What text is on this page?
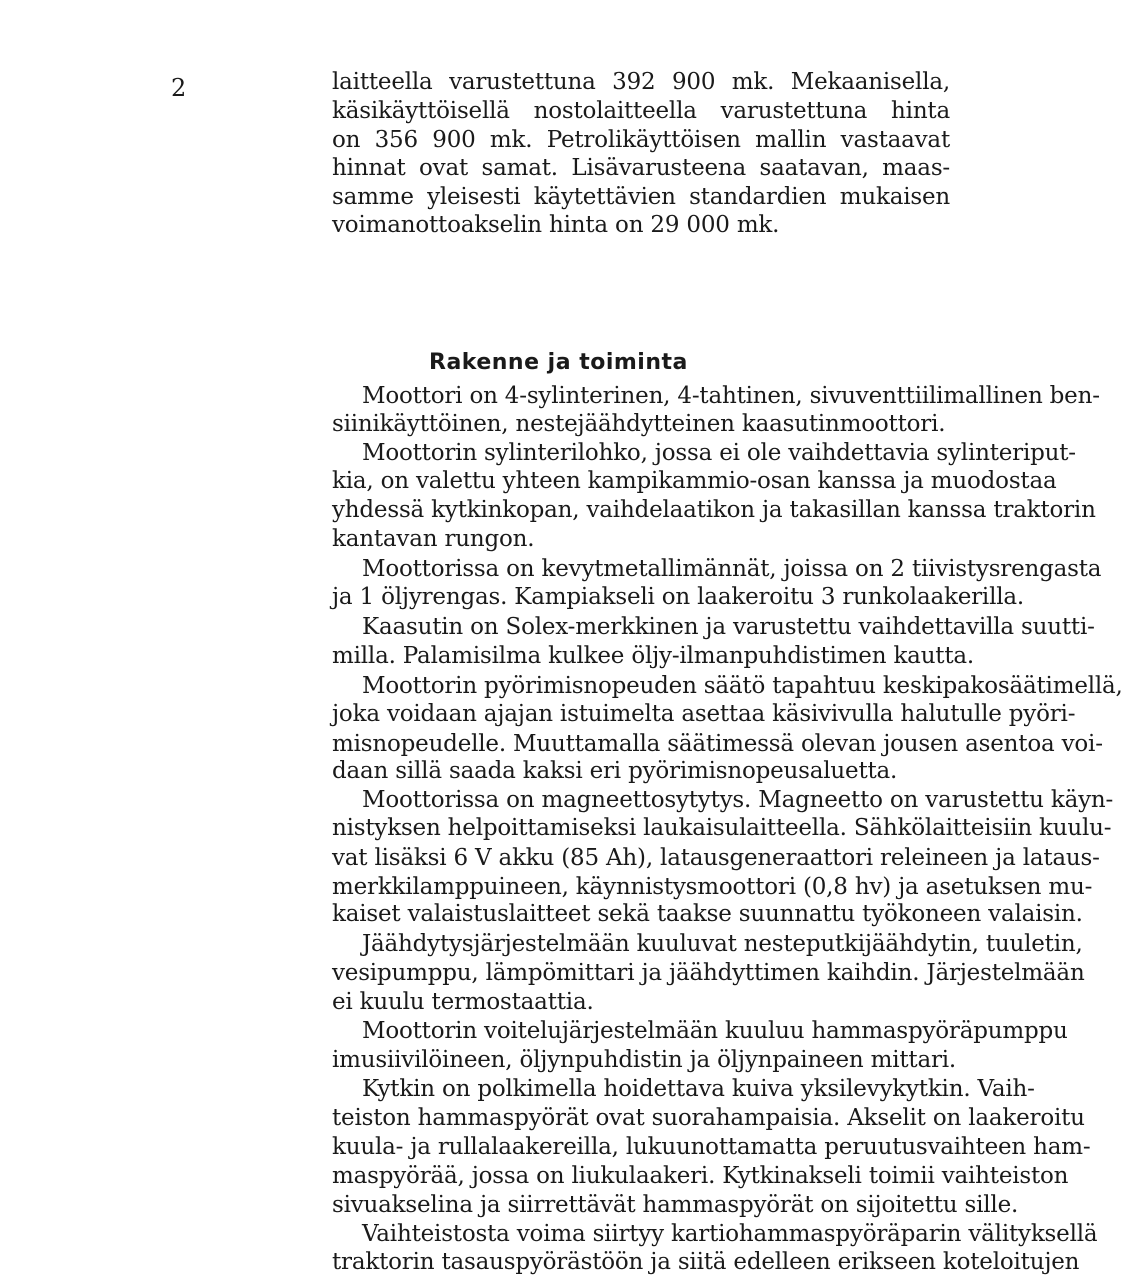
2
Rakenne ja toiminta
laitteella varustettuna 392 900 mk. Mekaanisella,
käsikäyttöisellä nostolaitteella varustettuna hinta
on 356 900 mk. Petrolikäyttöisen mallin vastaavat
hinnat ovat samat. Lisävarusteena saatavan, maas-
samme yleisesti käytettävien standardien mukaisen
voimanottoakselin hinta on 29 000 mk.
Moottori on 4-sylinterinen, 4-tahtinen, sivuventtiilimallinen ben-
siinikäyttöinen, nestejäähdytteinen kaasutinmoottori.
Moottorin sylinterilohko, jossa ei ole vaihdettavia sylinteriput-
kia, on valettu yhteen kampikammio-osan kanssa ja muodostaa
yhdessä kytkinkopan, vaihdelaatikon ja takasillan kanssa traktorin
kantavan rungon.
Moottorissa on kevytmetallimännät, joissa on 2 tiivistysrengasta
ja 1 öljyrengas. Kampiakseli on laakeroitu 3 runkolaakerilla.
Kaasutin on Solex-merkkinen ja varustettu vaihdettavilla suutti-
milla. Palamisilma kulkee öljy-ilmanpuhdistimen kautta.
Moottorin pyörimisnopeuden säätö tapahtuu keskipakosäätimellä,
joka voidaan ajajan istuimelta asettaa käsivivulla halutulle pyöri-
misnopeudelle. Muuttamalla säätimessä olevan jousen asentoa voi-
daan sillä saada kaksi eri pyörimisnopeusaluetta.
Moottorissa on magneettosytytys. Magneetto on varustettu käyn-
nistyksen helpoittamiseksi laukaisulaitteella. Sähkölaitteisiin kuulu-
vat lisäksi 6 V akku (85 Ah), latausgeneraattori releineen ja lataus-
merkkilamppuineen, käynnistysmoottori (0,8 hv) ja asetuksen mu-
kaiset valaistuslaitteet sekä taakse suunnattu työkoneen valaisin.
Jäähdytysjärjestelmään kuuluvat nesteputkijäähdytin, tuuletin,
vesipumppu, lämpömittari ja jäähdyttimen kaihdin. Järjestelmään
ei kuulu termostaattia.
Moottorin voitelujärjestelmään kuuluu hammaspyöräpumppu
imusiivilöineen, öljynpuhdistin ja öljynpaineen mittari.
Kytkin on polkimella hoidettava kuiva yksilevykytkin. Vaih-
teiston hammaspyörät ovat suorahampaisia. Akselit on laakeroitu
kuula- ja rullalaakereilla, lukuunottamatta peruutusvaihteen ham-
maspyörää, jossa on liukulaakeri. Kytkinakseli toimii vaihteiston
sivuakselina ja siirrettävät hammaspyörät on sijoitettu sille.
Vaihteistosta voima siirtyy kartiohammaspyöräparin välityksellä
traktorin tasauspyörästöön ja siitä edelleen erikseen koteloitujen
